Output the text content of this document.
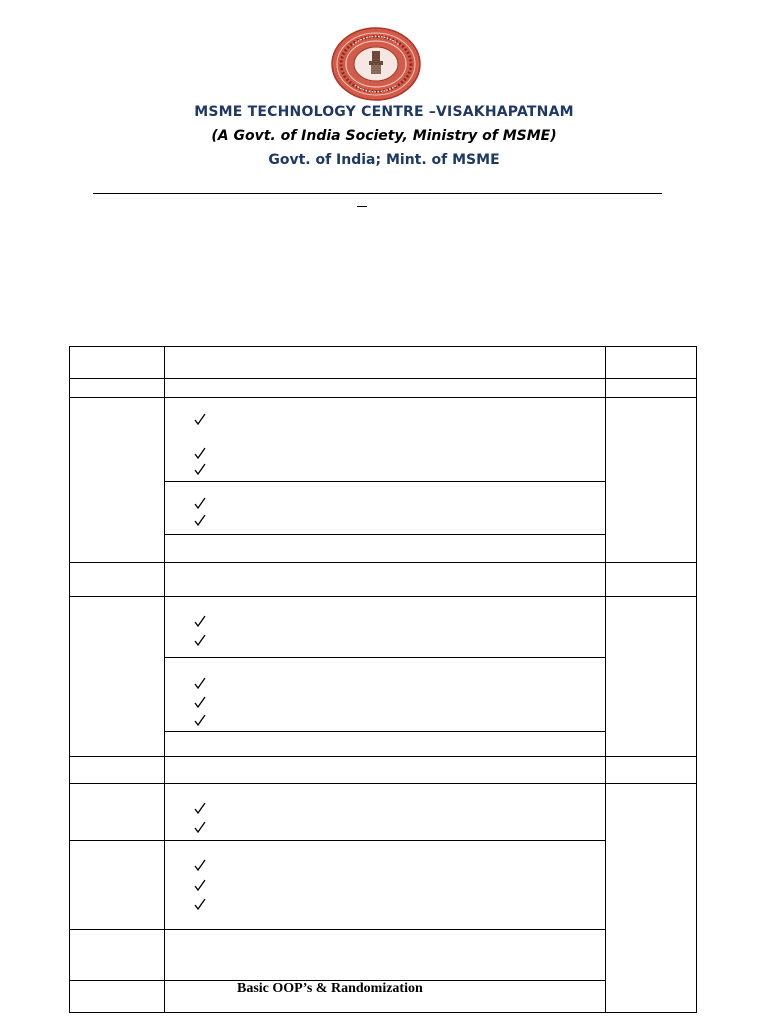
MSME TECHNOLOGY CENTRE –VISAKHAPATNAM
(A Govt. of India Society, Ministry of MSME)
Govt. of India; Mint. of MSME
Basic OOP’s & Randomization
